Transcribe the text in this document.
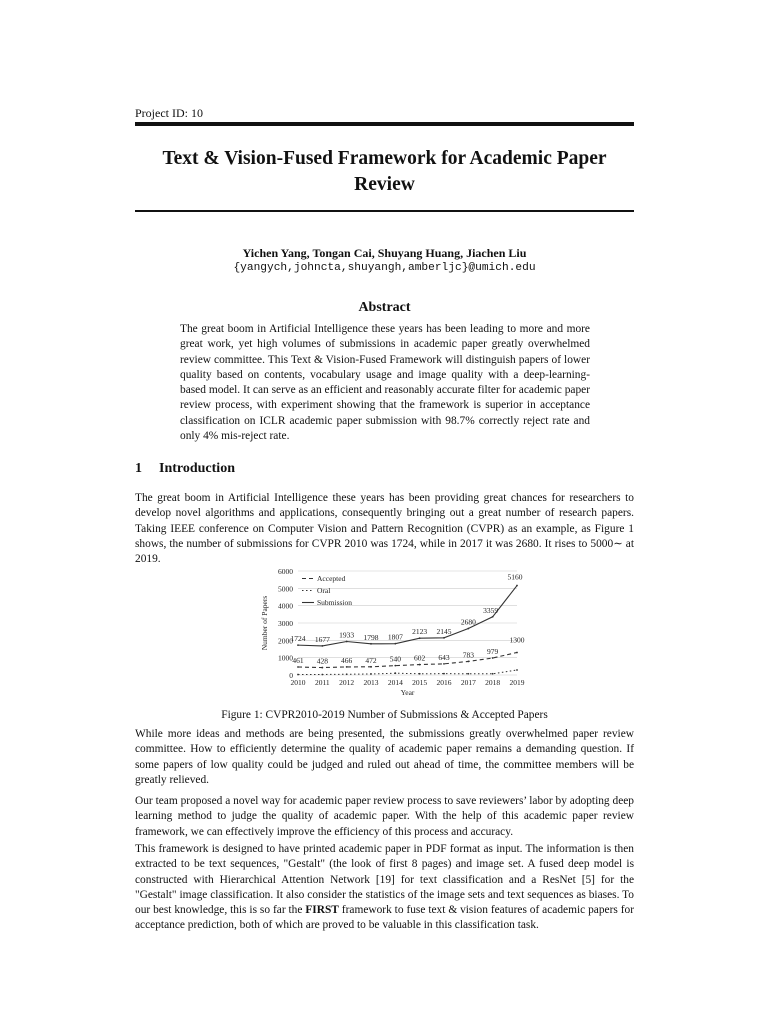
Project ID: 10
Text & Vision-Fused Framework for Academic Paper Review
Yichen Yang, Tongan Cai, Shuyang Huang, Jiachen Liu
{yangych,johncta,shuyangh,amberljc}@umich.edu
Abstract

The great boom in Artificial Intelligence these years has been leading to more and more great work, yet high volumes of submissions in academic paper greatly overwhelmed review committee. This Text & Vision-Fused Framework will distinguish papers of lower quality based on contents, vocabulary usage and image quality with a deep-learning-based model. It can serve as an efficient and reasonably accurate filter for academic paper review process, with experiment showing that the framework is superior in acceptance classification on ICLR academic paper submission with 98.7% correctly reject rate and only 4% mis-reject rate.

1 Introduction

The great boom in Artificial Intelligence these years has been providing great chances for researchers to develop novel algorithms and applications, consequently bringing out a great number of research papers. Taking IEEE conference on Computer Vision and Pattern Recognition (CVPR) as an example, as Figure 1 shows, the number of submissions for CVPR 2010 was 1724, while in 2017 it was 2680. It rises to 5000∼ at 2019.

0
1000
2000
3000
4000
5000
6000
2010 2011 2012 2013 2014 2015 2016 2017 2018 2019
Year
Number of Papers
461 428 466 472 540 602 643 783 979
1300
1724 1677 1933 1798 1807
2123 2145
2680
3359
5160
Accepted
Oral
Submission
Figure 1: CVPR2010-2019 Number of Submissions & Accepted Papers

While more ideas and methods are being presented, the submissions greatly overwhelmed paper review committee. How to efficiently determine the quality of academic paper remains a demanding question. If some papers of low quality could be judged and ruled out ahead of time, the committee members will be greatly relieved.

Our team proposed a novel way for academic paper review process to save reviewers’ labor by adopting deep learning method to judge the quality of academic paper. With the help of this academic paper review framework, we can effectively improve the efficiency of this process and accuracy.

This framework is designed to have printed academic paper in PDF format as input. The information is then extracted to be text sequences, "Gestalt" (the look of first 8 pages) and image set. A fused deep model is constructed with Hierarchical Attention Network [19] for text classification and a ResNet [5] for the "Gestalt" image classification. It also consider the statistics of the image sets and text sequences as biases. To our best knowledge, this is so far the FIRST framework to fuse text & vision features of academic papers for acceptance prediction, both of which are proved to be valuable in this classification task.
